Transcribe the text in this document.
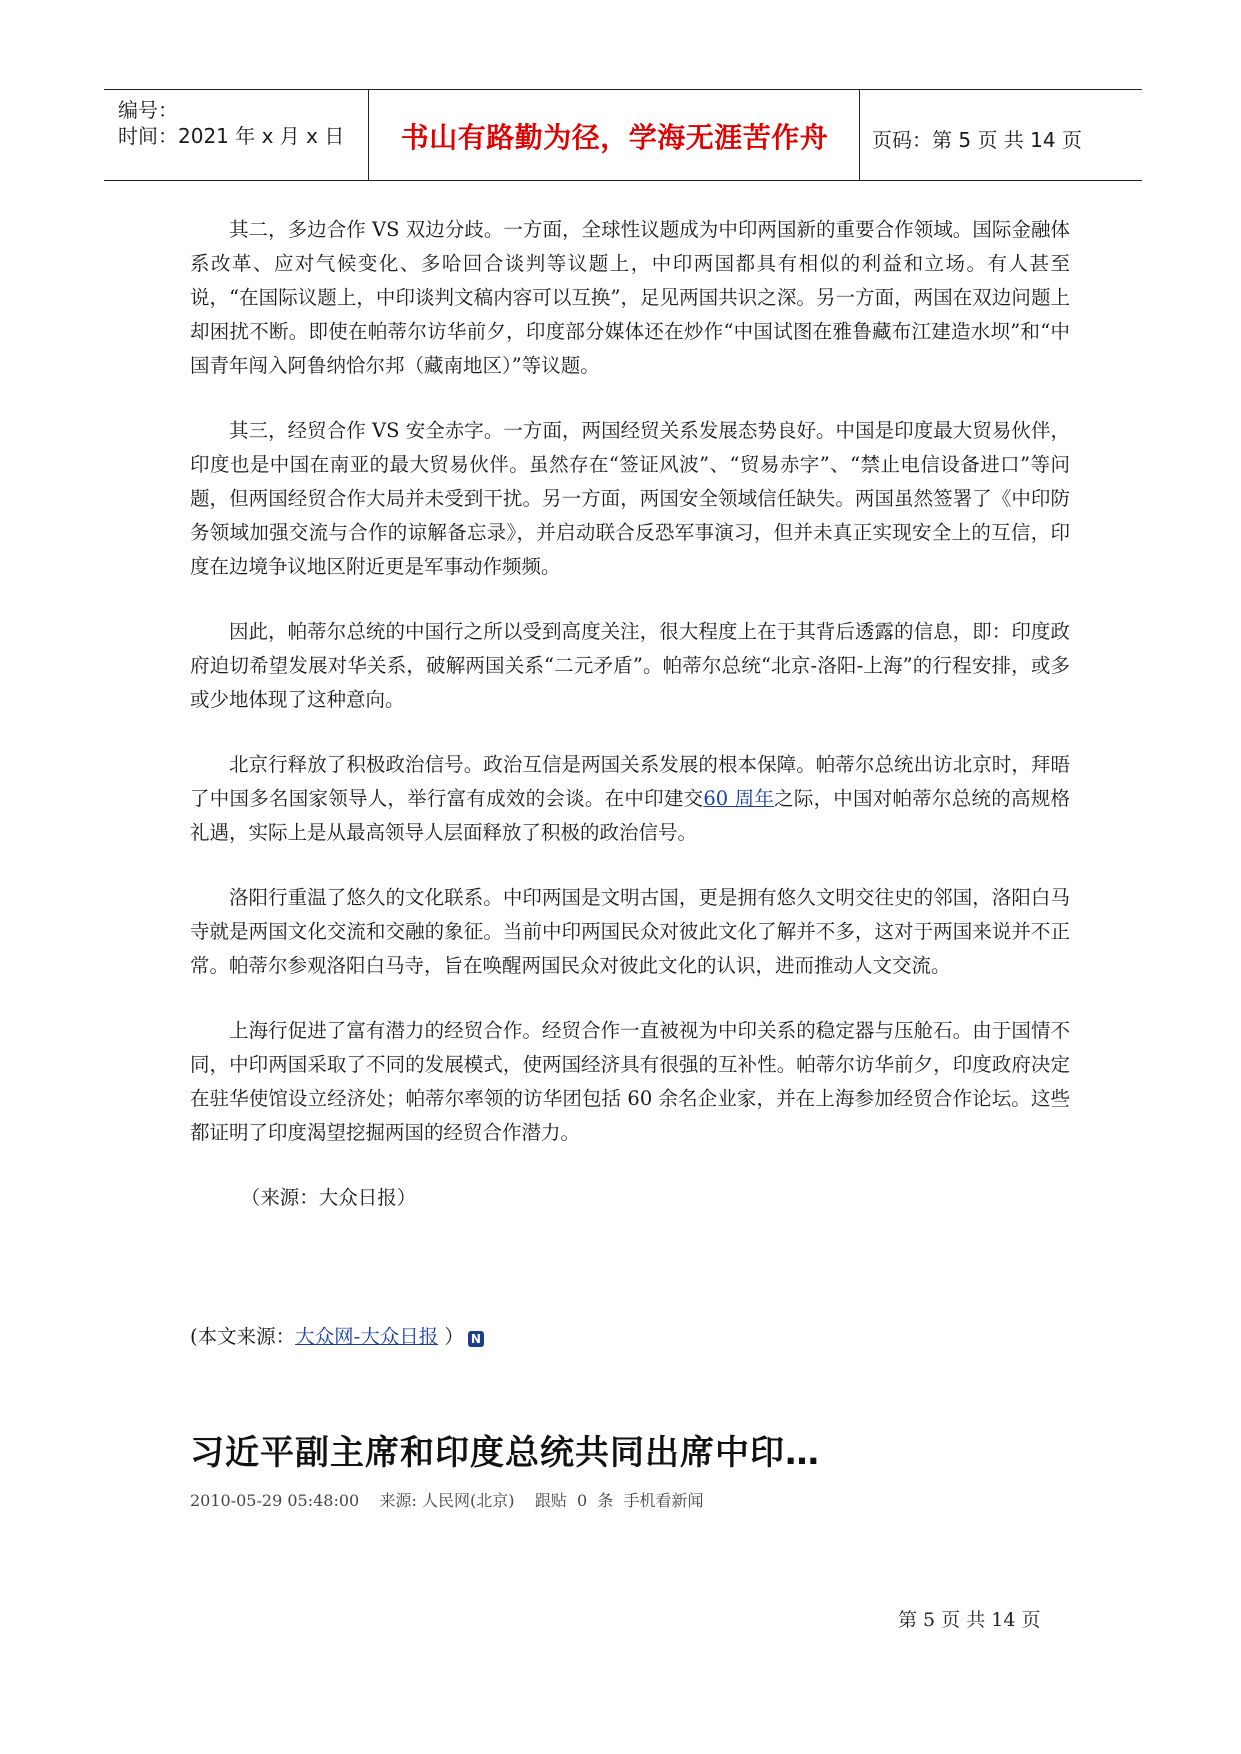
编号：
时间：2021 年 x 月 x 日	书山有路勤为径，学海无涯苦作舟	页码：第 5 页 共 14 页

其二，多边合作 VS 双边分歧。一方面，全球性议题成为中印两国新的重要合作领域。国际金融体系改革、应对气候变化、多哈回合谈判等议题上，中印两国都具有相似的利益和立场。有人甚至说，“在国际议题上，中印谈判文稿内容可以互换”，足见两国共识之深。另一方面，两国在双边问题上却困扰不断。即使在帕蒂尔访华前夕，印度部分媒体还在炒作“中国试图在雅鲁藏布江建造水坝”和“中国青年闯入阿鲁纳恰尔邦（藏南地区）”等议题。

其三，经贸合作 VS 安全赤字。一方面，两国经贸关系发展态势良好。中国是印度最大贸易伙伴，印度也是中国在南亚的最大贸易伙伴。虽然存在“签证风波”、“贸易赤字”、“禁止电信设备进口”等问题，但两国经贸合作大局并未受到干扰。另一方面，两国安全领域信任缺失。两国虽然签署了《中印防务领域加强交流与合作的谅解备忘录》，并启动联合反恐军事演习，但并未真正实现安全上的互信，印度在边境争议地区附近更是军事动作频频。

因此，帕蒂尔总统的中国行之所以受到高度关注，很大程度上在于其背后透露的信息，即：印度政府迫切希望发展对华关系，破解两国关系“二元矛盾”。帕蒂尔总统“北京-洛阳-上海”的行程安排，或多或少地体现了这种意向。

北京行释放了积极政治信号。政治互信是两国关系发展的根本保障。帕蒂尔总统出访北京时，拜晤了中国多名国家领导人，举行富有成效的会谈。在中印建交60 周年之际，中国对帕蒂尔总统的高规格礼遇，实际上是从最高领导人层面释放了积极的政治信号。

洛阳行重温了悠久的文化联系。中印两国是文明古国，更是拥有悠久文明交往史的邻国，洛阳白马寺就是两国文化交流和交融的象征。当前中印两国民众对彼此文化了解并不多，这对于两国来说并不正常。帕蒂尔参观洛阳白马寺，旨在唤醒两国民众对彼此文化的认识，进而推动人文交流。

上海行促进了富有潜力的经贸合作。经贸合作一直被视为中印关系的稳定器与压舱石。由于国情不同，中印两国采取了不同的发展模式，使两国经济具有很强的互补性。帕蒂尔访华前夕，印度政府决定在驻华使馆设立经济处；帕蒂尔率领的访华团包括 60 余名企业家，并在上海参加经贸合作论坛。这些都证明了印度渴望挖掘两国的经贸合作潜力。

（来源：大众日报）

(本文来源：大众网-大众日报 ） N
习近平副主席和印度总统共同出席中印…
2010-05-29 05:48:00    来源: 人民网(北京)    跟贴  0  条  手机看新闻
第 5 页 共 14 页
